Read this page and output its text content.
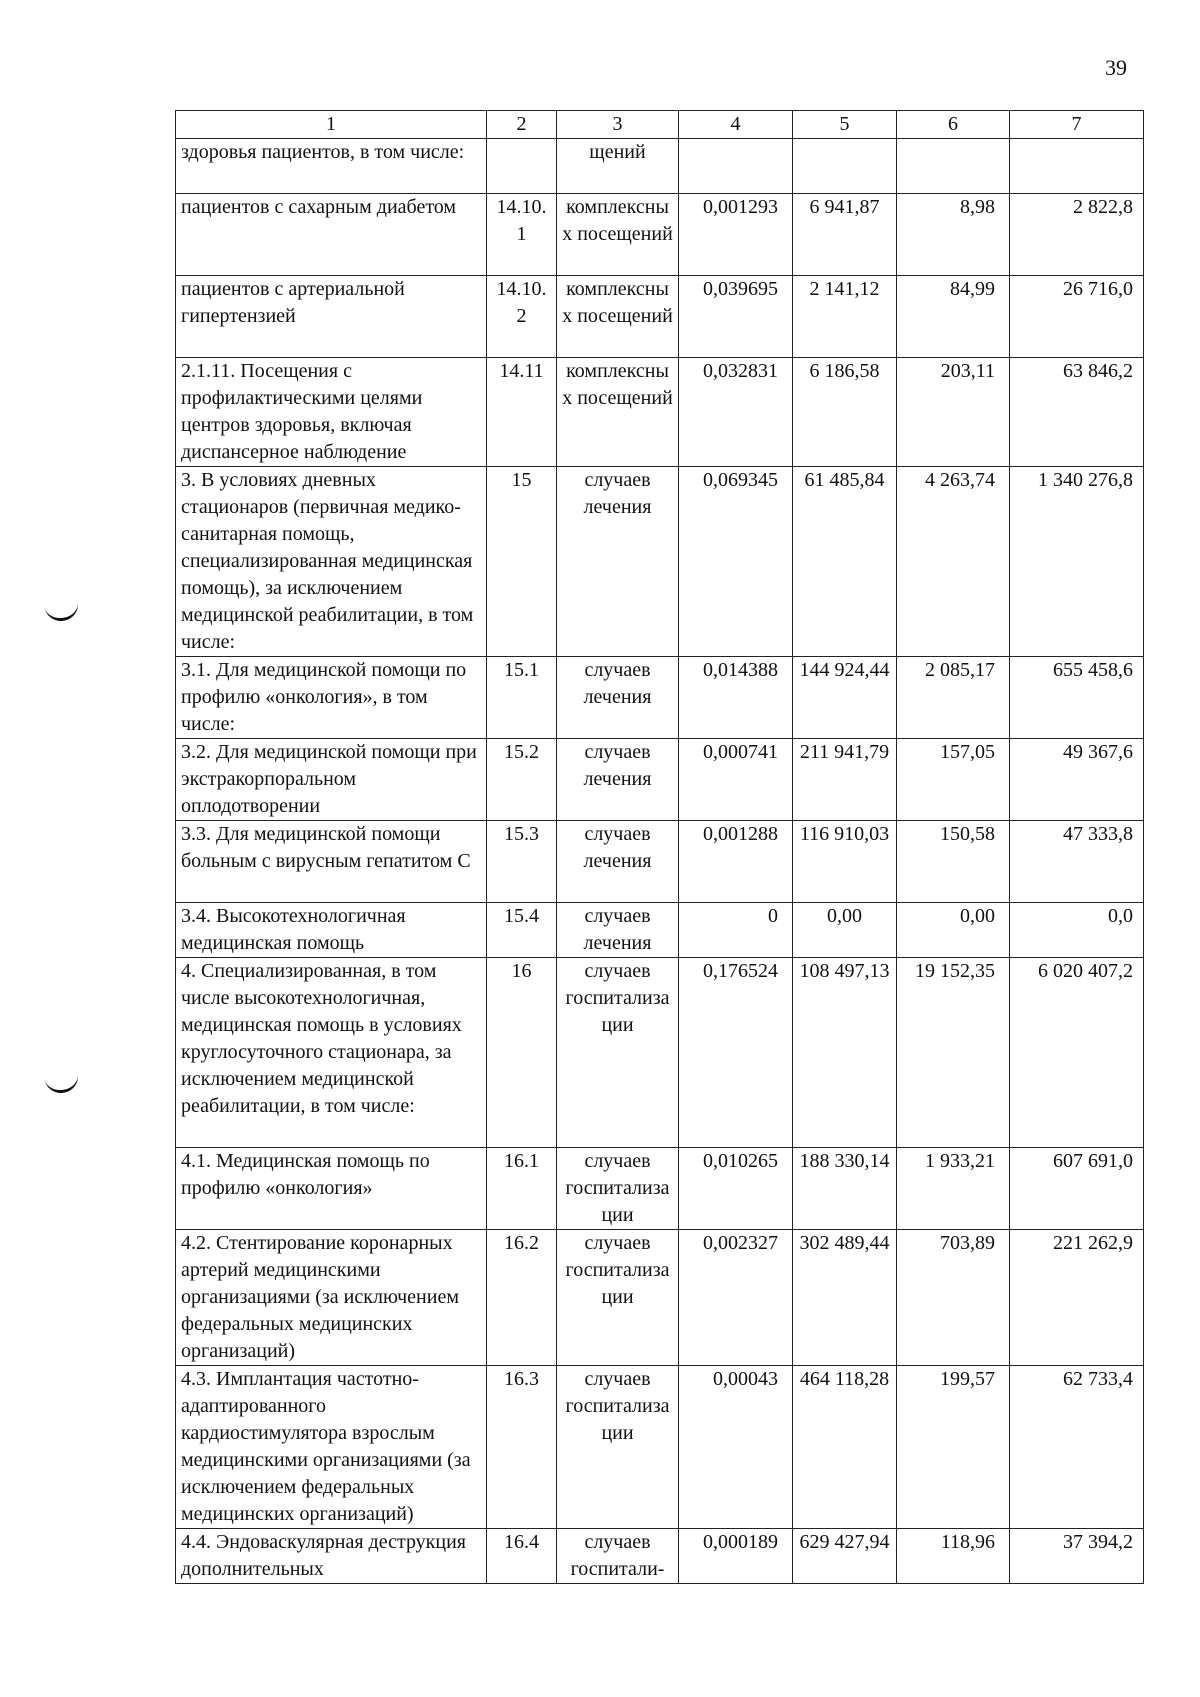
39
1	2	3	4	5	6	7
здоровья пациентов, в том числе:		щений				
пациентов с сахарным диабетом	14.10.1	комплексных посещений	0,001293	6 941,87	8,98	2 822,8
пациентов с артериальной гипертензией	14.10.2	комплексных посещений	0,039695	2 141,12	84,99	26 716,0
2.1.11. Посещения с профилактическими целями центров здоровья, включая диспансерное наблюдение	14.11	комплексных посещений	0,032831	6 186,58	203,11	63 846,2
3. В условиях дневных стационаров (первичная медико-санитарная помощь, специализированная медицинская помощь), за исключением медицинской реабилитации, в том числе:	15	случаев лечения	0,069345	61 485,84	4 263,74	1 340 276,8
3.1. Для медицинской помощи по профилю «онкология», в том числе:	15.1	случаев лечения	0,014388	144 924,44	2 085,17	655 458,6
3.2. Для медицинской помощи при экстракорпоральном оплодотворении	15.2	случаев лечения	0,000741	211 941,79	157,05	49 367,6
3.3. Для медицинской помощи больным с вирусным гепатитом С	15.3	случаев лечения	0,001288	116 910,03	150,58	47 333,8
3.4. Высокотехнологичная медицинская помощь	15.4	случаев лечения	0	0,00	0,00	0,0
4. Специализированная, в том числе высокотехнологичная, медицинская помощь в условиях круглосуточного стационара, за исключением медицинской реабилитации, в том числе:	16	случаев госпитализации	0,176524	108 497,13	19 152,35	6 020 407,2
4.1. Медицинская помощь по профилю «онкология»	16.1	случаев госпитализации	0,010265	188 330,14	1 933,21	607 691,0
4.2. Стентирование коронарных артерий медицинскими организациями (за исключением федеральных медицинских организаций)	16.2	случаев госпитализации	0,002327	302 489,44	703,89	221 262,9
4.3. Имплантация частотно-адаптированного кардиостимулятора взрослым медицинскими организациями (за исключением федеральных медицинских организаций)	16.3	случаев госпитализации	0,00043	464 118,28	199,57	62 733,4
4.4. Эндоваскулярная деструкция дополнительных	16.4	случаев госпитали-	0,000189	629 427,94	118,96	37 394,2
